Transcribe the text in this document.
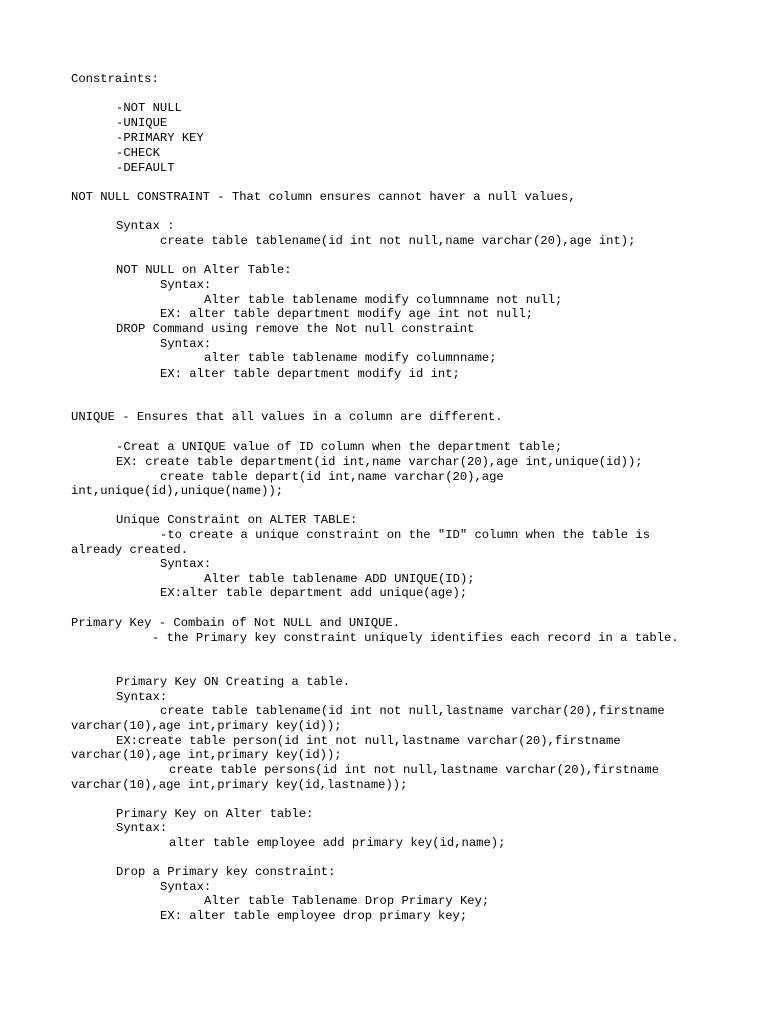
Constraints:

-NOT NULL

-UNIQUE

-PRIMARY KEY

-CHECK

-DEFAULT

NOT NULL CONSTRAINT - That column ensures cannot haver a null values,

Syntax :

create table tablename(id int not null,name varchar(20),age int);

NOT NULL on Alter Table:

Syntax:

Alter table tablename modify columnname not null;

EX: alter table department modify age int not null;

DROP Command using remove the Not null constraint

Syntax:

alter table tablename modify columnname;

EX: alter table department modify id int;

UNIQUE - Ensures that all values in a column are different.

-Creat a UNIQUE value of ID column when the department table;

EX: create table department(id int,name varchar(20),age int,unique(id));

create table depart(id int,name varchar(20),age

int,unique(id),unique(name));

Unique Constraint on ALTER TABLE:

-to create a unique constraint on the "ID" column when the table is

already created.

Syntax:

Alter table tablename ADD UNIQUE(ID);

EX:alter table department add unique(age);

Primary Key - Combain of Not NULL and UNIQUE.

- the Primary key constraint uniquely identifies each record in a table.

Primary Key ON Creating a table.

Syntax:

create table tablename(id int not null,lastname varchar(20),firstname

varchar(10),age int,primary key(id));

EX:create table person(id int not null,lastname varchar(20),firstname

varchar(10),age int,primary key(id));

create table persons(id int not null,lastname varchar(20),firstname

varchar(10),age int,primary key(id,lastname));

Primary Key on Alter table:

Syntax:

alter table employee add primary key(id,name);

Drop a Primary key constraint:

Syntax:

Alter table Tablename Drop Primary Key;

EX: alter table employee drop primary key;
